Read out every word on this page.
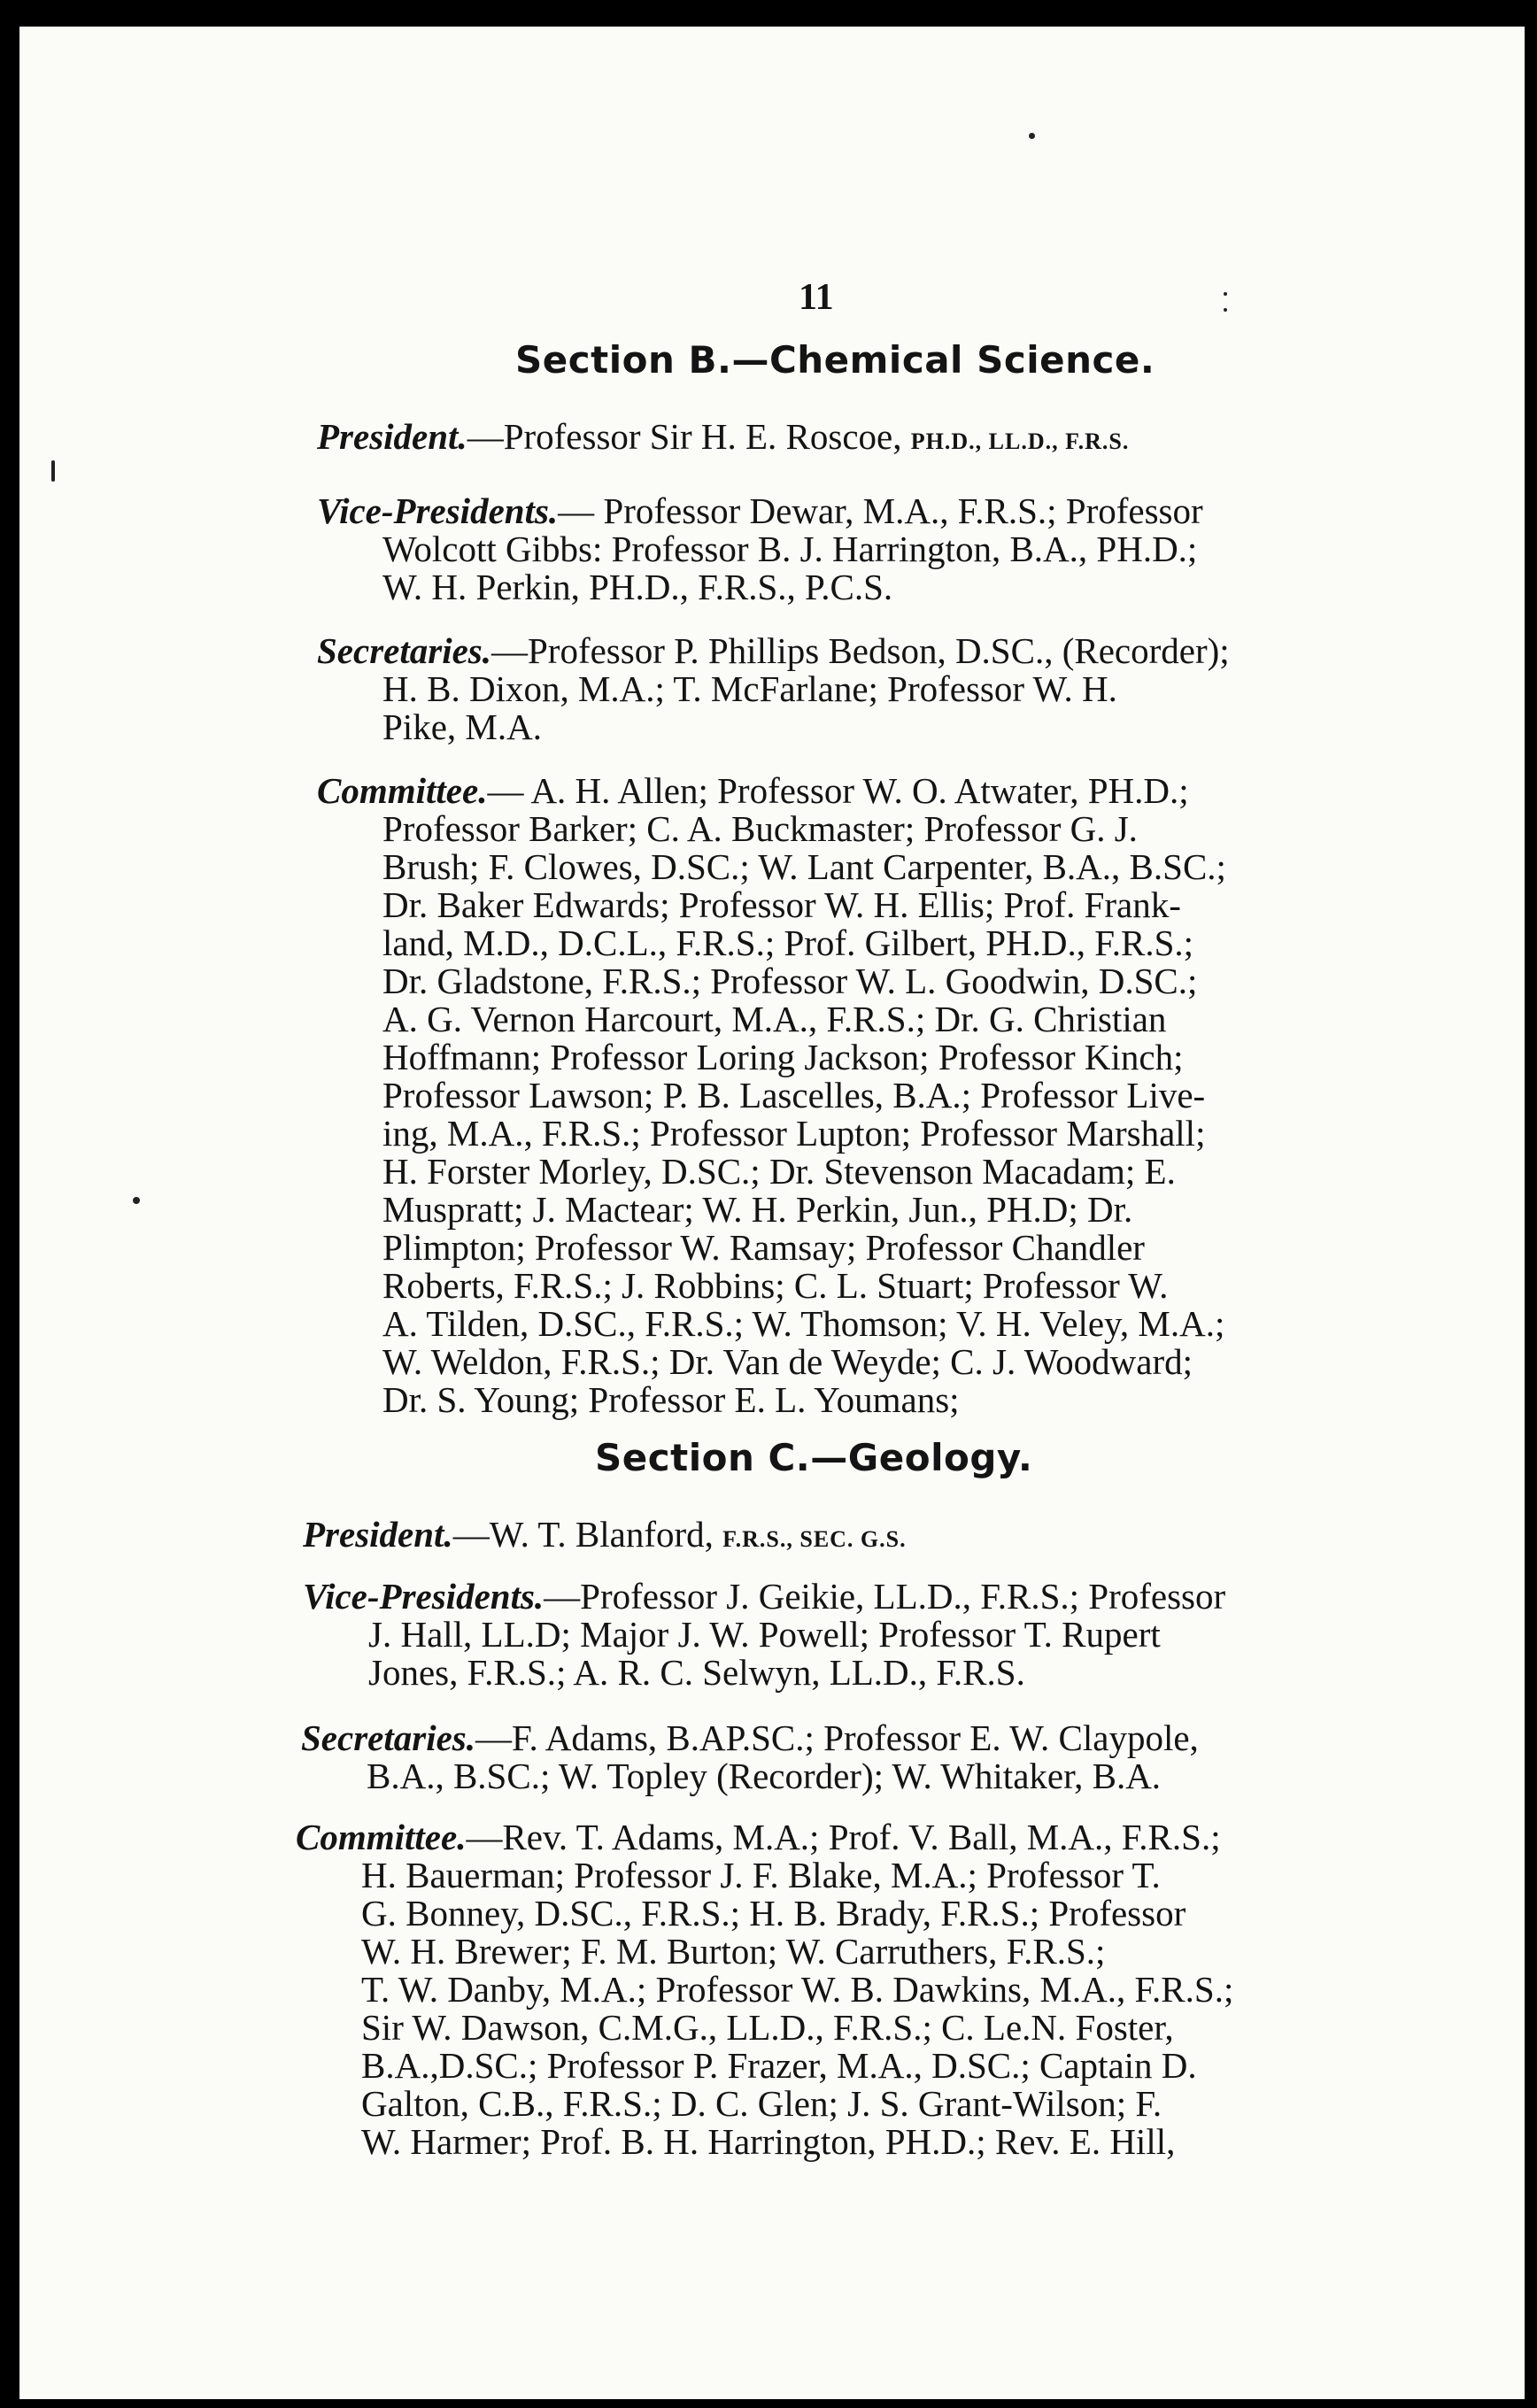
11
Section B.—Chemical Science.
President.—Professor Sir H. E. Roscoe, PH.D., LL.D., F.R.S.
Vice-Presidents.— Professor Dewar, M.A., F.R.S.; Professor
Wolcott Gibbs: Professor B. J. Harrington, B.A., PH.D.;
W. H. Perkin, PH.D., F.R.S., P.C.S.
Secretaries.—Professor P. Phillips Bedson, D.SC., (Recorder);
H. B. Dixon, M.A.; T. McFarlane; Professor W. H.
Pike, M.A.
Committee.— A. H. Allen; Professor W. O. Atwater, PH.D.;
Professor Barker; C. A. Buckmaster; Professor G. J.
Brush; F. Clowes, D.SC.; W. Lant Carpenter, B.A., B.SC.;
Dr. Baker Edwards; Professor W. H. Ellis; Prof. Frank-
land, M.D., D.C.L., F.R.S.; Prof. Gilbert, PH.D., F.R.S.;
Dr. Gladstone, F.R.S.; Professor W. L. Goodwin, D.SC.;
A. G. Vernon Harcourt, M.A., F.R.S.; Dr. G. Christian
Hoffmann; Professor Loring Jackson; Professor Kinch;
Professor Lawson; P. B. Lascelles, B.A.; Professor Live-
ing, M.A., F.R.S.; Professor Lupton; Professor Marshall;
H. Forster Morley, D.SC.; Dr. Stevenson Macadam; E.
Muspratt; J. Mactear; W. H. Perkin, Jun., PH.D; Dr.
Plimpton; Professor W. Ramsay; Professor Chandler
Roberts, F.R.S.; J. Robbins; C. L. Stuart; Professor W.
A. Tilden, D.SC., F.R.S.; W. Thomson; V. H. Veley, M.A.;
W. Weldon, F.R.S.; Dr. Van de Weyde; C. J. Woodward;
Dr. S. Young; Professor E. L. Youmans;
Section C.—Geology.
President.—W. T. Blanford, F.R.S., SEC. G.S.
Vice-Presidents.—Professor J. Geikie, LL.D., F.R.S.; Professor
J. Hall, LL.D; Major J. W. Powell; Professor T. Rupert
Jones, F.R.S.; A. R. C. Selwyn, LL.D., F.R.S.
Secretaries.—F. Adams, B.AP.SC.; Professor E. W. Claypole,
B.A., B.SC.; W. Topley (Recorder); W. Whitaker, B.A.
Committee.—Rev. T. Adams, M.A.; Prof. V. Ball, M.A., F.R.S.;
H. Bauerman; Professor J. F. Blake, M.A.; Professor T.
G. Bonney, D.SC., F.R.S.; H. B. Brady, F.R.S.; Professor
W. H. Brewer; F. M. Burton; W. Carruthers, F.R.S.;
T. W. Danby, M.A.; Professor W. B. Dawkins, M.A., F.R.S.;
Sir W. Dawson, C.M.G., LL.D., F.R.S.; C. Le.N. Foster,
B.A.,D.SC.; Professor P. Frazer, M.A., D.SC.; Captain D.
Galton, C.B., F.R.S.; D. C. Glen; J. S. Grant-Wilson; F.
W. Harmer; Prof. B. H. Harrington, PH.D.; Rev. E. Hill,
